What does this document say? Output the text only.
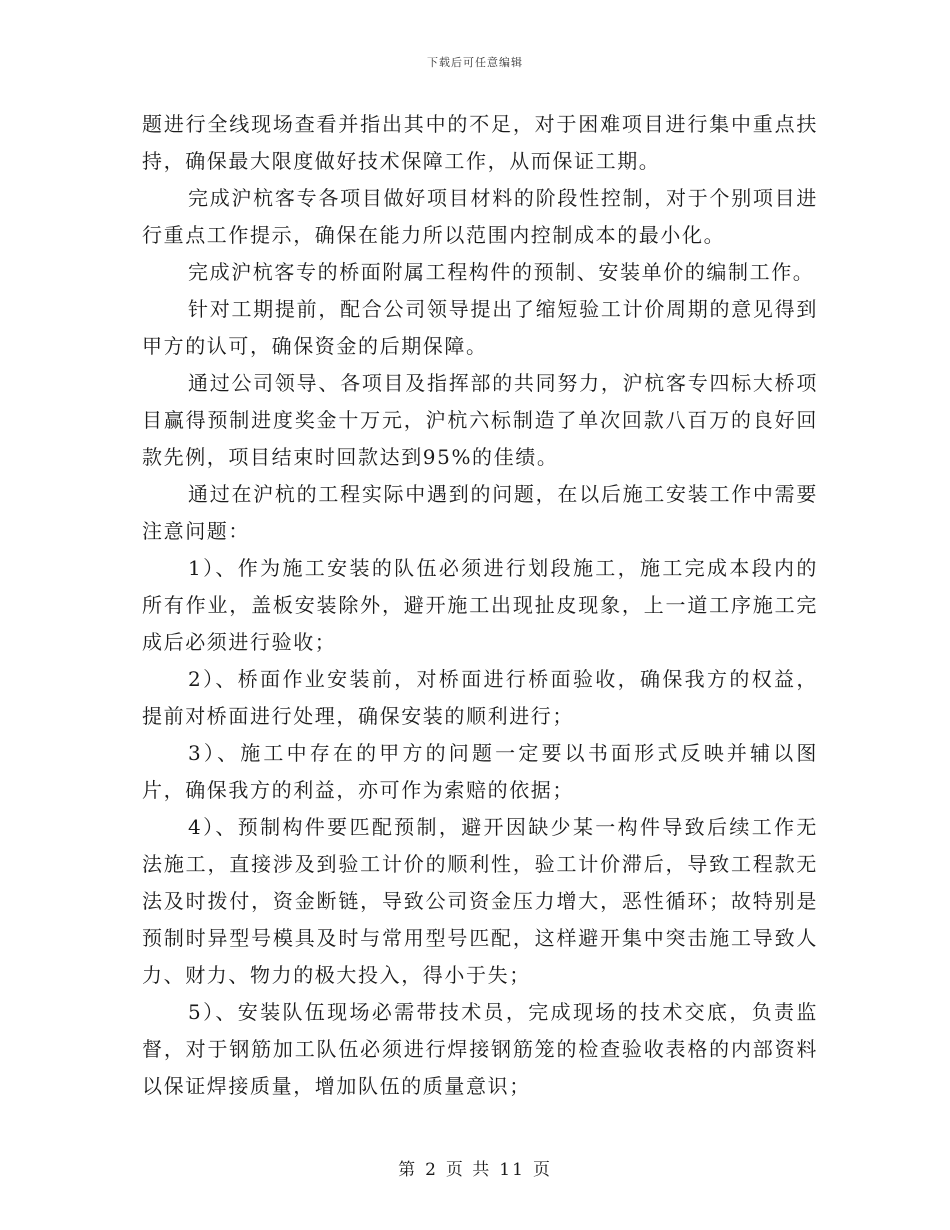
下载后可任意编辑

题进行全线现场查看并指出其中的不足，对于困难项目进行集中重点扶持，确保最大限度做好技术保障工作，从而保证工期。

完成沪杭客专各项目做好项目材料的阶段性控制，对于个别项目进行重点工作提示，确保在能力所以范围内控制成本的最小化。

完成沪杭客专的桥面附属工程构件的预制、安装单价的编制工作。

针对工期提前，配合公司领导提出了缩短验工计价周期的意见得到甲方的认可，确保资金的后期保障。

通过公司领导、各项目及指挥部的共同努力，沪杭客专四标大桥项目赢得预制进度奖金十万元，沪杭六标制造了单次回款八百万的良好回款先例，项目结束时回款达到95%的佳绩。

通过在沪杭的工程实际中遇到的问题，在以后施工安装工作中需要注意问题：

1）、作为施工安装的队伍必须进行划段施工，施工完成本段内的所有作业，盖板安装除外，避开施工出现扯皮现象，上一道工序施工完成后必须进行验收；

2）、桥面作业安装前，对桥面进行桥面验收，确保我方的权益，提前对桥面进行处理，确保安装的顺利进行；

3）、施工中存在的甲方的问题一定要以书面形式反映并辅以图片，确保我方的利益，亦可作为索赔的依据；

4）、预制构件要匹配预制，避开因缺少某一构件导致后续工作无法施工，直接涉及到验工计价的顺利性，验工计价滞后，导致工程款无法及时拨付，资金断链，导致公司资金压力增大，恶性循环；故特别是预制时异型号模具及时与常用型号匹配，这样避开集中突击施工导致人力、财力、物力的极大投入，得小于失；

5）、安装队伍现场必需带技术员，完成现场的技术交底，负责监督，对于钢筋加工队伍必须进行焊接钢筋笼的检查验收表格的内部资料以保证焊接质量，增加队伍的质量意识；

第 2 页 共 11 页
